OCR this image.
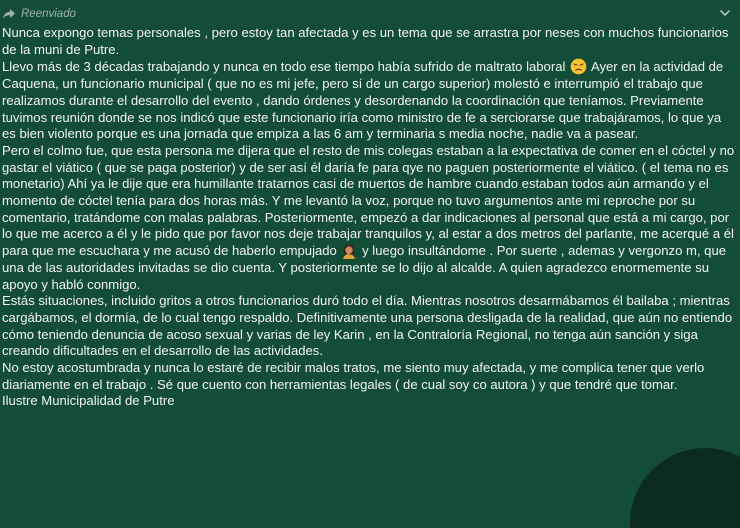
Reenviado

Nunca expongo temas personales , pero estoy tan afectada y es un tema que se arrastra por neses con muchos funcionarios de la muni de Putre.

Llevo más de 3 décadas trabajando y nunca en todo ese tiempo había sufrido de maltrato laboral
Ayer en la actividad de Caquena, un funcionario municipal ( que no es mi jefe, pero sí de un cargo superior) molestó e interrumpió el trabajo que realizamos durante el desarrollo del evento , dando órdenes y desordenando la coordinación que teníamos. Previamente tuvimos reunión donde se nos indicó que este funcionario iría como ministro de fe a serciorarse que trabajáramos, lo que ya es bien violento porque es una jornada que empiza a las 6 am y terminaria s media noche, nadie va a pasear.

Pero el colmo fue, que esta persona me dijera que el resto de mis colegas estaban a la expectativa de comer en el cóctel y no gastar el viático ( que se paga posterior) y de ser así él daría fe para qye no paguen posteriormente el viático. ( el tema no es monetario) Ahí ya le dije que era humillante tratarnos casi de muertos de hambre cuando estaban todos aún armando y el momento de cóctel tenía para dos horas más. Y me levantó la voz, porque no tuvo argumentos ante mi reproche por su comentario, tratándome con malas palabras. Posteriormente, empezó a dar indicaciones al personal que está a mi cargo, por lo que me acerco a él y le pido que por favor nos deje trabajar tranquilos y, al estar a dos metros del parlante, me acerqué a él para que me escuchara y me acusó de haberlo empujado
y luego insultándome . Por suerte , ademas y vergonzo m, que una de las autoridades invitadas se dio cuenta. Y posteriormente se lo dijo al alcalde. A quien agradezco enormemente su apoyo y habló conmigo.

Estás situaciones, incluido gritos a otros funcionarios duró todo el día. Mientras nosotros desarmábamos él bailaba ; mientras cargábamos, el dormía, de lo cual tengo respaldo. Definitivamente una persona desligada de la realidad, que aún no entiendo cómo teniendo denuncia de acoso sexual y varias de ley Karin , en la Contraloría Regional, no tenga aún sanción y siga creando dificultades en el desarrollo de las actividades.

No estoy acostumbrada y nunca lo estaré de recibir malos tratos, me siento muy afectada, y me complica tener que verlo diariamente en el trabajo . Sé que cuento con herramientas legales ( de cual soy co autora ) y que tendré que tomar.

Ilustre Municipalidad de Putre
